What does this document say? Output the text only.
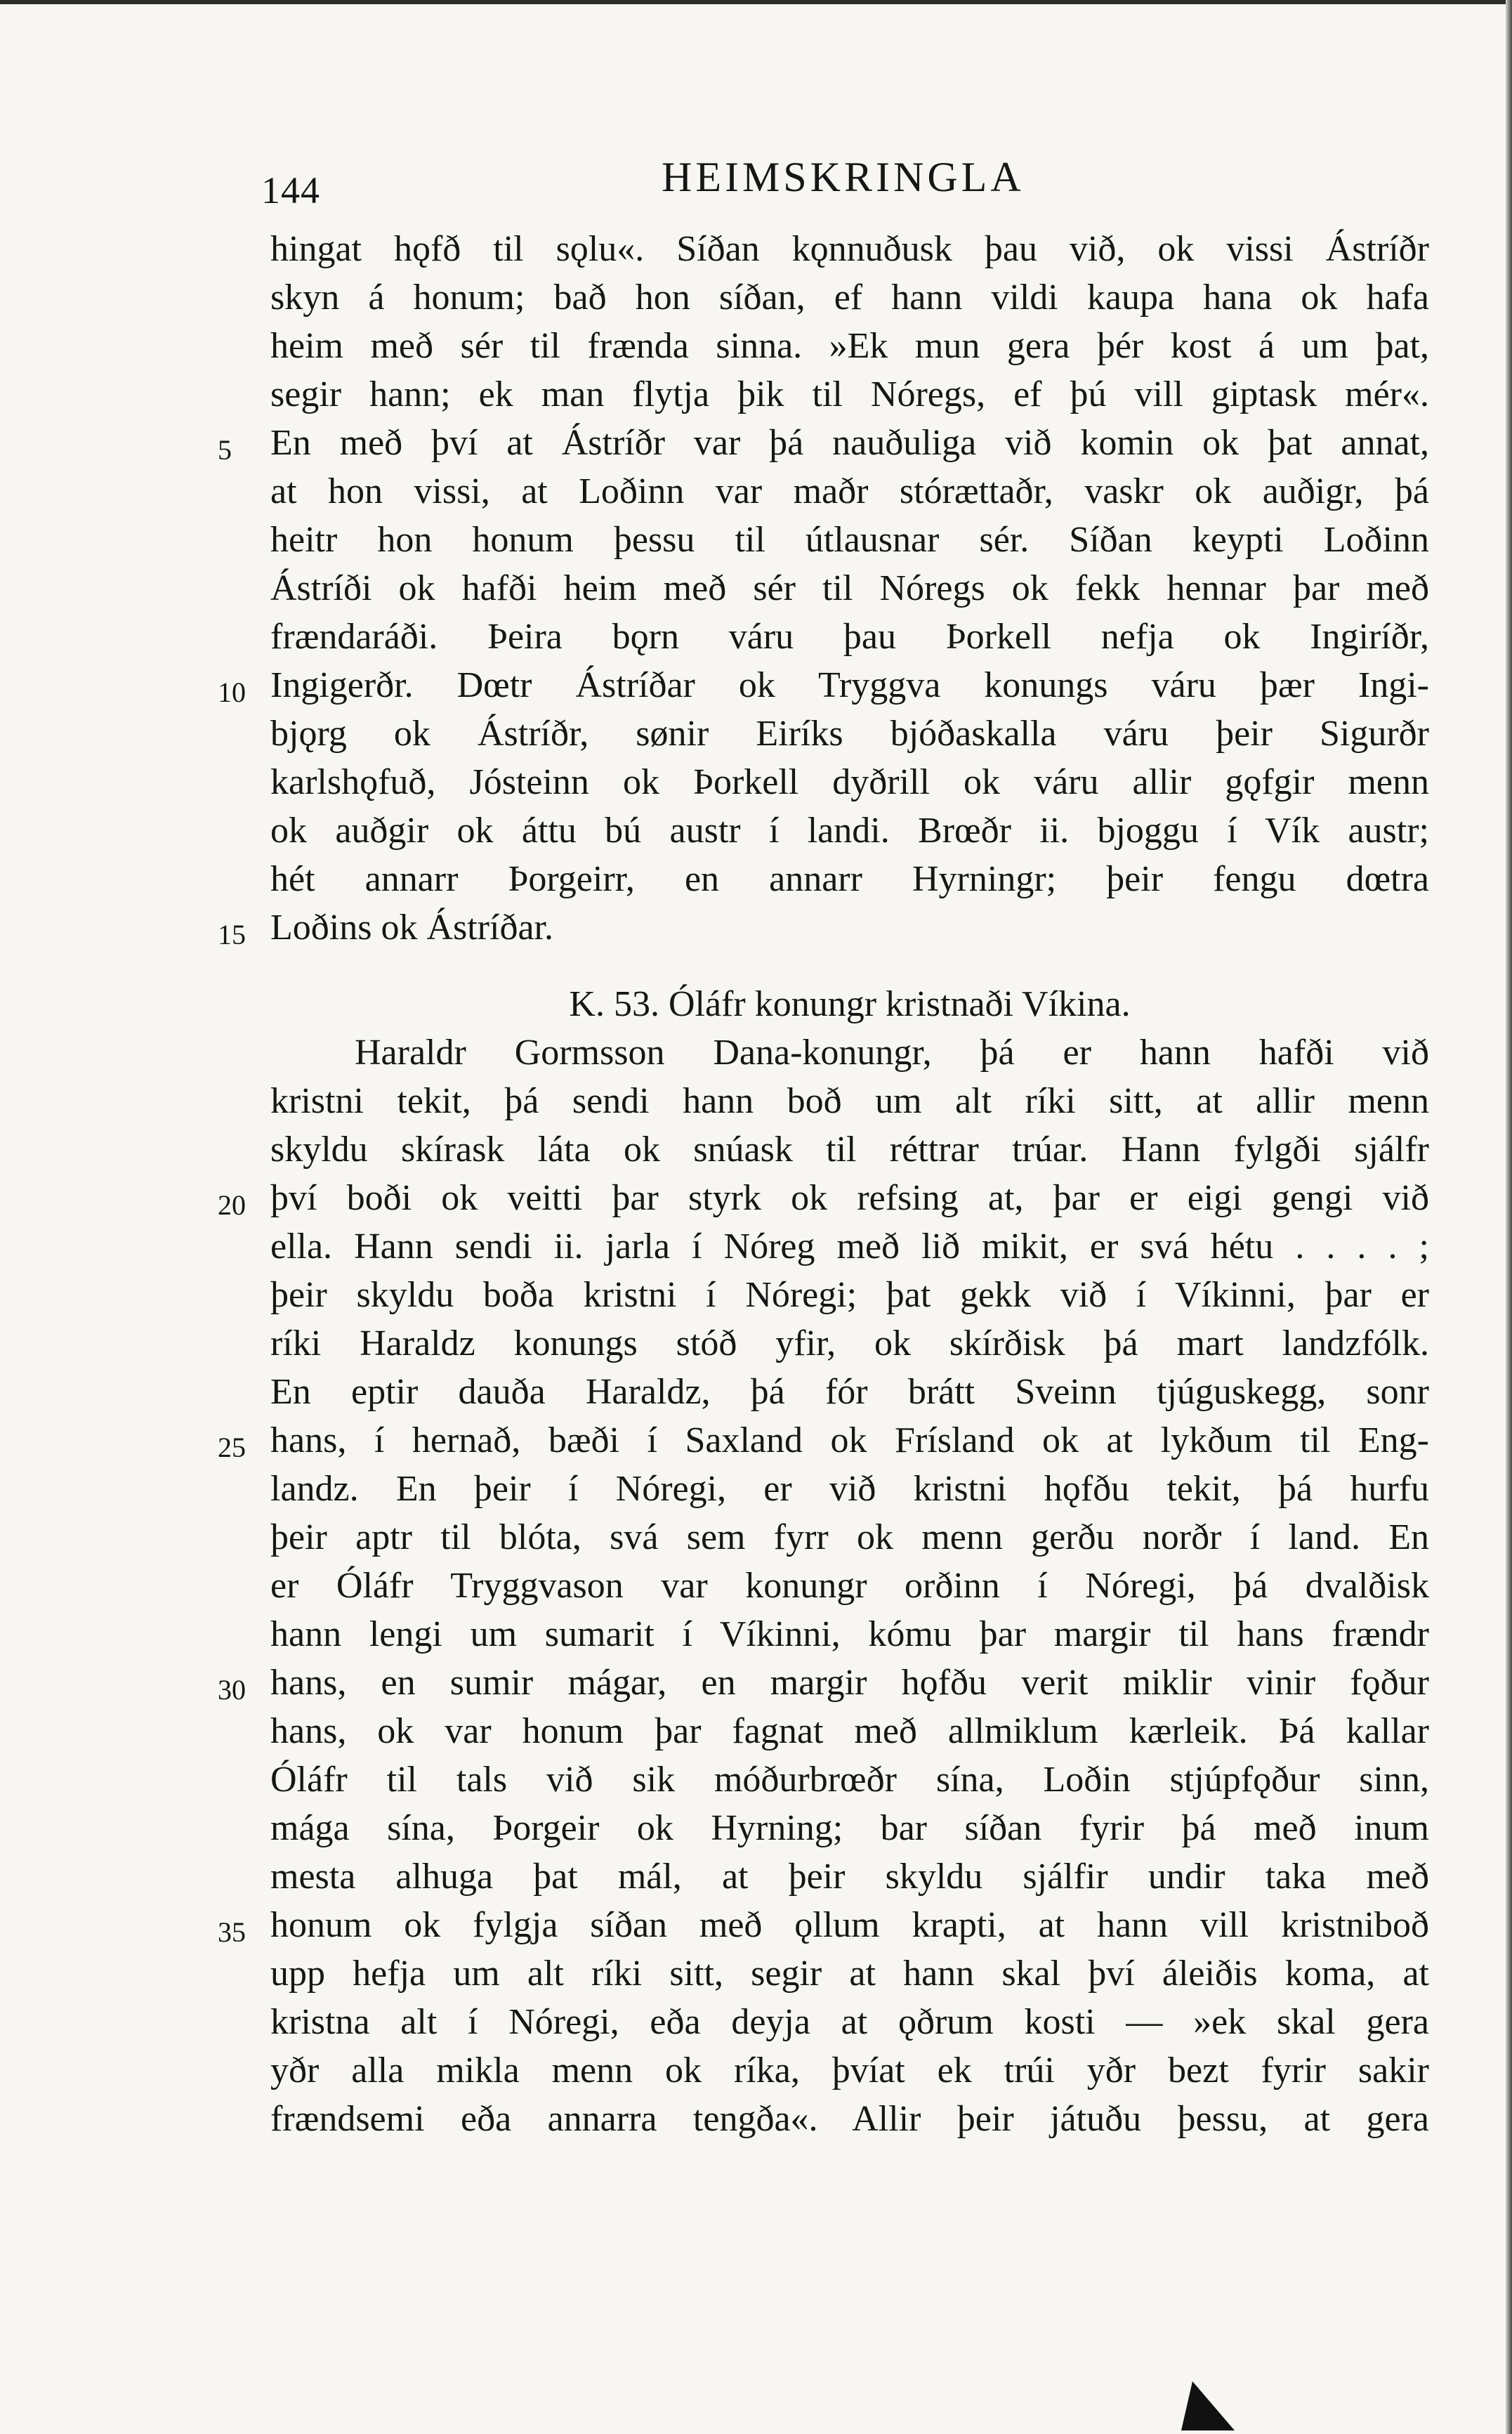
144	HEIMSKRINGLA
hingat hǫfð til sǫlu«. Síðan kǫnnuðusk þau við, ok vissi Ástríðr
skyn á honum; bað hon síðan, ef hann vildi kaupa hana ok hafa
heim með sér til frænda sinna. »Ek mun gera þér kost á um þat,
segir hann; ek man flytja þik til Nóregs, ef þú vill giptask mér«.
5	En með því at Ástríðr var þá nauðuliga við komin ok þat annat,
at hon vissi, at Loðinn var maðr stórættaðr, vaskr ok auðigr, þá
heitr hon honum þessu til útlausnar sér. Síðan keypti Loðinn
Ástríði ok hafði heim með sér til Nóregs ok fekk hennar þar með
frændaráði. Þeira bǫrn váru þau Þorkell nefja ok Ingiríðr,
10 Ingigerðr. Dœtr Ástríðar ok Tryggva konungs váru þær Ingi-
bjǫrg ok Ástríðr, sønir Eiríks bjóðaskalla váru þeir Sigurðr
karlshǫfuð, Jósteinn ok Þorkell dyðrill ok váru allir gǫfgir menn
ok auðgir ok áttu bú austr í landi. Brœðr ii. bjoggu í Vík austr;
hét annarr Þorgeirr, en annarr Hyrningr; þeir fengu dœtra
15 Loðins ok Ástríðar.
K. 53. Óláfr konungr kristnaði Víkina.
Haraldr Gormsson Dana-konungr, þá er hann hafði við
kristni tekit, þá sendi hann boð um alt ríki sitt, at allir menn
skyldu skírask láta ok snúask til réttrar trúar. Hann fylgði sjálfr
20 því boði ok veitti þar styrk ok refsing at, þar er eigi gengi við
ella. Hann sendi ii. jarla í Nóreg með lið mikit, er svá hétu . . . . ;
þeir skyldu boða kristni í Nóregi; þat gekk við í Víkinni, þar er
ríki Haraldz konungs stóð yfir, ok skírðisk þá mart landzfólk.
En eptir dauða Haraldz, þá fór brátt Sveinn tjúguskegg, sonr
25 hans, í hernað, bæði í Saxland ok Frísland ok at lykðum til Eng-
landz. En þeir í Nóregi, er við kristni hǫfðu tekit, þá hurfu
þeir aptr til blóta, svá sem fyrr ok menn gerðu norðr í land. En
er Óláfr Tryggvason var konungr orðinn í Nóregi, þá dvalðisk
hann lengi um sumarit í Víkinni, kómu þar margir til hans frændr
30 hans, en sumir mágar, en margir hǫfðu verit miklir vinir fǫður
hans, ok var honum þar fagnat með allmiklum kærleik. Þá kallar
Óláfr til tals við sik móðurbrœðr sína, Loðin stjúpfǫður sinn,
mága sína, Þorgeir ok Hyrning; bar síðan fyrir þá með inum
mesta alhuga þat mál, at þeir skyldu sjálfir undir taka með
35 honum ok fylgja síðan með ǫllum krapti, at hann vill kristniboð
upp hefja um alt ríki sitt, segir at hann skal því áleiðis koma, at
kristna alt í Nóregi, eða deyja at ǫðrum kosti — »ek skal gera
yðr alla mikla menn ok ríka, þvíat ek trúi yðr bezt fyrir sakir
frændsemi eða annarra tengða«. Allir þeir játuðu þessu, at gera
